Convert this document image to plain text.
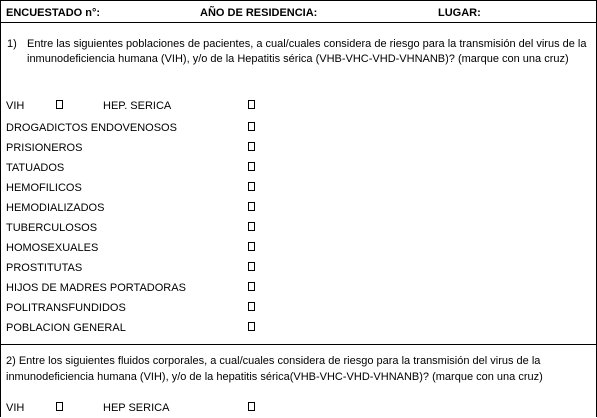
ENCUESTADO n°:	AÑO DE RESIDENCIA:	LUGAR:
1) Entre las siguientes poblaciones de pacientes, a cual/cuales considera de riesgo para la transmisión del virus de la inmunodeficiencia humana (VIH), y/o de la Hepatitis sérica (VHB-VHC-VHD-VHNANB)? (marque con una cruz)
VIH	HEP. SERICA
DROGADICTOS ENDOVENOSOS
PRISIONEROS
TATUADOS
HEMOFILICOS
HEMODIALIZADOS
TUBERCULOSOS
HOMOSEXUALES
PROSTITUTAS
HIJOS DE MADRES PORTADORAS
POLITRANSFUNDIDOS
POBLACION GENERAL
2) Entre los siguientes fluidos corporales, a cual/cuales considera de riesgo para la transmisión del virus de la inmunodeficiencia humana (VIH), y/o de la hepatitis sérica(VHB-VHC-VHD-VHNANB)? (marque con una cruz)
VIH	HEP SERICA
